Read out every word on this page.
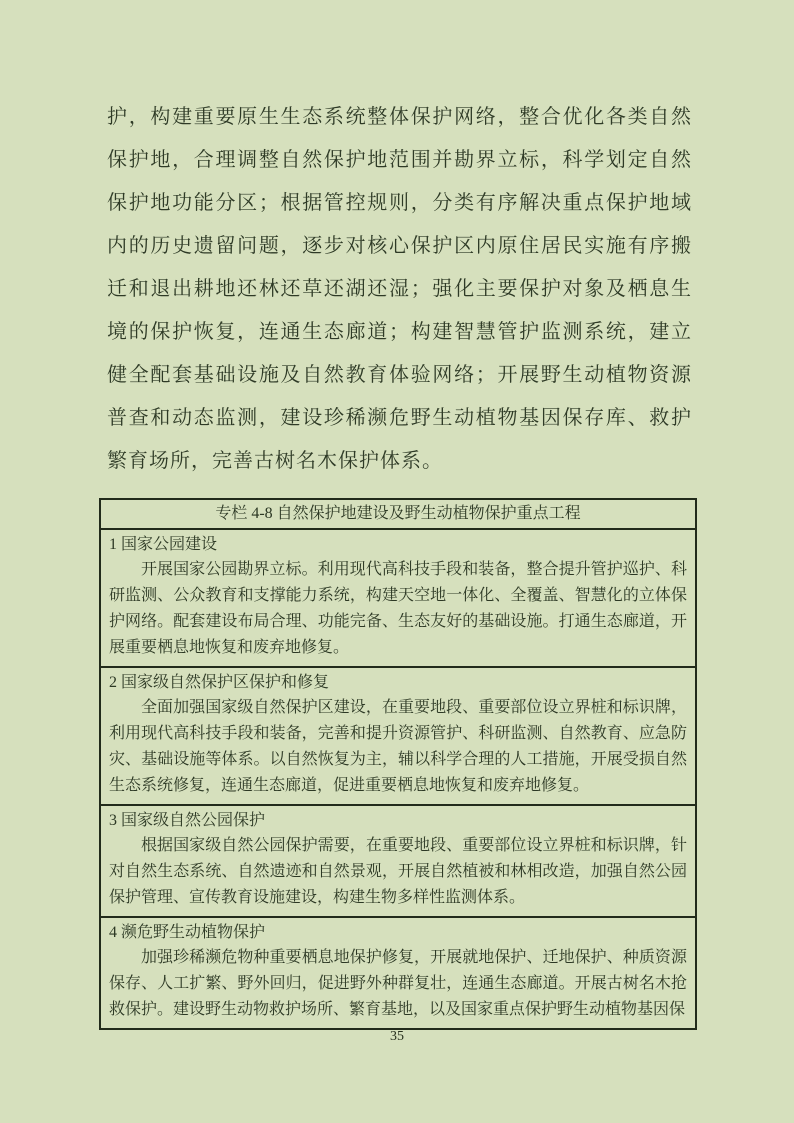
护，构建重要原生生态系统整体保护网络，整合优化各类自然保护地，合理调整自然保护地范围并勘界立标，科学划定自然保护地功能分区；根据管控规则，分类有序解决重点保护地域内的历史遗留问题，逐步对核心保护区内原住居民实施有序搬迁和退出耕地还林还草还湖还湿；强化主要保护对象及栖息生境的保护恢复，连通生态廊道；构建智慧管护监测系统，建立健全配套基础设施及自然教育体验网络；开展野生动植物资源普查和动态监测，建设珍稀濒危野生动植物基因保存库、救护繁育场所，完善古树名木保护体系。
专栏 4-8 自然保护地建设及野生动植物保护重点工程
1 国家公园建设
开展国家公园勘界立标。利用现代高科技手段和装备，整合提升管护巡护、科研监测、公众教育和支撑能力系统，构建天空地一体化、全覆盖、智慧化的立体保护网络。配套建设布局合理、功能完备、生态友好的基础设施。打通生态廊道，开展重要栖息地恢复和废弃地修复。
2 国家级自然保护区保护和修复
全面加强国家级自然保护区建设，在重要地段、重要部位设立界桩和标识牌，利用现代高科技手段和装备，完善和提升资源管护、科研监测、自然教育、应急防灾、基础设施等体系。以自然恢复为主，辅以科学合理的人工措施，开展受损自然生态系统修复，连通生态廊道，促进重要栖息地恢复和废弃地修复。
3 国家级自然公园保护
根据国家级自然公园保护需要，在重要地段、重要部位设立界桩和标识牌，针对自然生态系统、自然遗迹和自然景观，开展自然植被和林相改造，加强自然公园保护管理、宣传教育设施建设，构建生物多样性监测体系。
4 濒危野生动植物保护
加强珍稀濒危物种重要栖息地保护修复，开展就地保护、迁地保护、种质资源保存、人工扩繁、野外回归，促进野外种群复壮，连通生态廊道。开展古树名木抢救保护。建设野生动物救护场所、繁育基地，以及国家重点保护野生动植物基因保
35
